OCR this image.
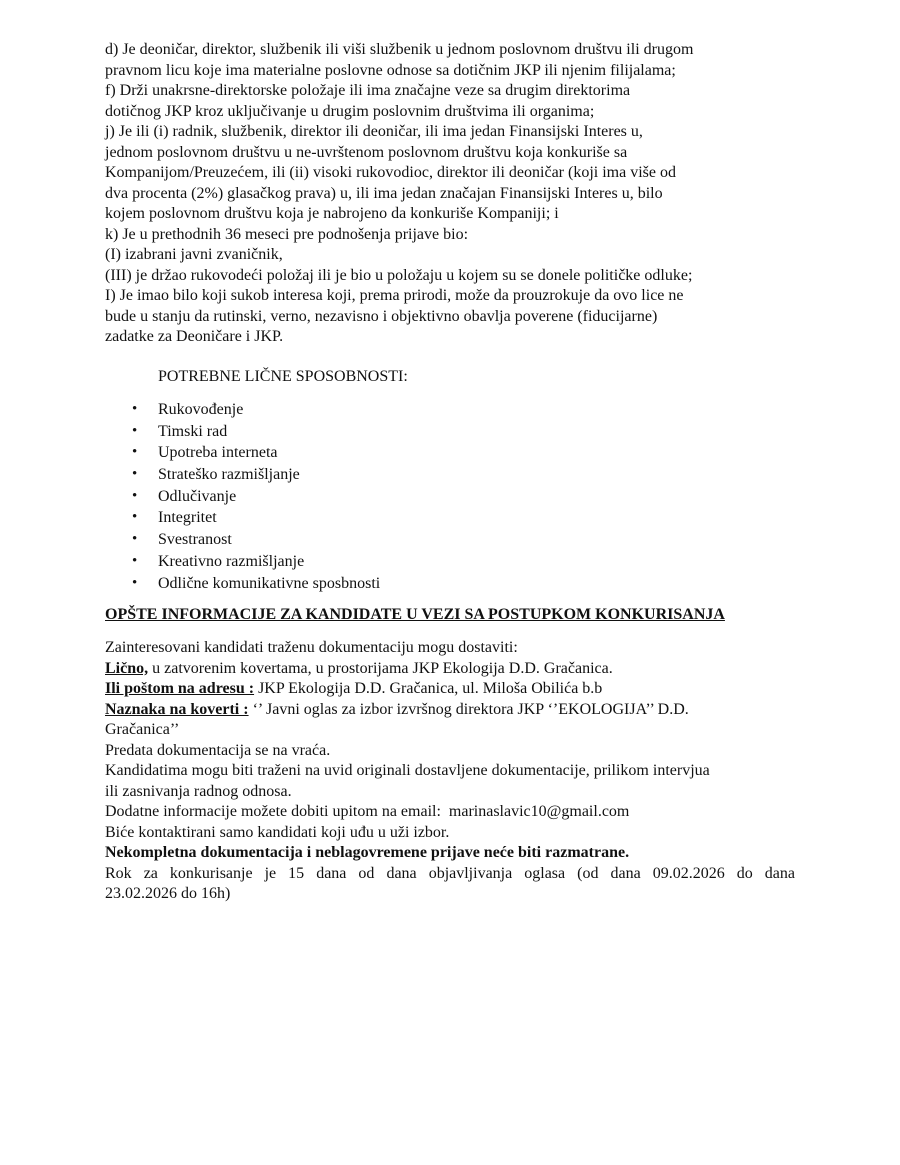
d) Je deoničar, direktor, službenik ili viši službenik u jednom poslovnom društvu ili drugom
pravnom licu koje ima materialne poslovne odnose sa dotičnim JKP ili njenim filijalama;
f) Drži unakrsne-direktorske položaje ili ima značajne veze sa drugim direktorima
dotičnog JKP kroz uključivanje u drugim poslovnim društvima ili organima;
j) Je ili (i) radnik, službenik, direktor ili deoničar, ili ima jedan Finansijski Interes u,
jednom poslovnom društvu u ne-uvrštenom poslovnom društvu koja konkuriše sa
Kompanijom/Preuzećem, ili (ii) visoki rukovodioc, direktor ili deoničar (koji ima više od
dva procenta (2%) glasačkog prava) u, ili ima jedan značajan Finansijski Interes u, bilo
kojem poslovnom društvu koja je nabrojeno da konkuriše Kompaniji; i
k) Je u prethodnih 36 meseci pre podnošenja prijave bio:
(I) izabrani javni zvaničnik,
(III) je držao rukovodeći položaj ili je bio u položaju u kojem su se donele političke odluke;
I) Je imao bilo koji sukob interesa koji, prema prirodi, može da prouzrokuje da ovo lice ne
bude u stanju da rutinski, verno, nezavisno i objektivno obavlja poverene (fiducijarne)
zadatke za Deoničare i JKP.
POTREBNE LIČNE SPOSOBNOSTI:
• Rukovođenje
• Timski rad
• Upotreba interneta
• Strateško razmišljanje
• Odlučivanje
• Integritet
• Svestranost
• Kreativno razmišljanje
• Odlične komunikativne sposbnosti
OPŠTE INFORMACIJE ZA KANDIDATE U VEZI SA POSTUPKOM KONKURISANJA
Zainteresovani kandidati traženu dokumentaciju mogu dostaviti:
Lično, u zatvorenim kovertama, u prostorijama JKP Ekologija D.D. Gračanica.
Ili poštom na adresu : JKP Ekologija D.D. Gračanica, ul. Miloša Obilića b.b
Naznaka na koverti : ‘’ Javni oglas za izbor izvršnog direktora JKP ‘’EKOLOGIJA’’ D.D.
Gračanica’’
Predata dokumentacija se na vraća.
Kandidatima mogu biti traženi na uvid originali dostavljene dokumentacije, prilikom intervjua
ili zasnivanja radnog odnosa.
Dodatne informacije možete dobiti upitom na email: marinaslavic10@gmail.com
Biće kontaktirani samo kandidati koji uđu u uži izbor.
Nekompletna dokumentacija i neblagovremene prijave neće biti razmatrane.
Rok za konkurisanje je 15 dana od dana objavljivanja oglasa (od dana 09.02.2026 do dana
23.02.2026 do 16h)
